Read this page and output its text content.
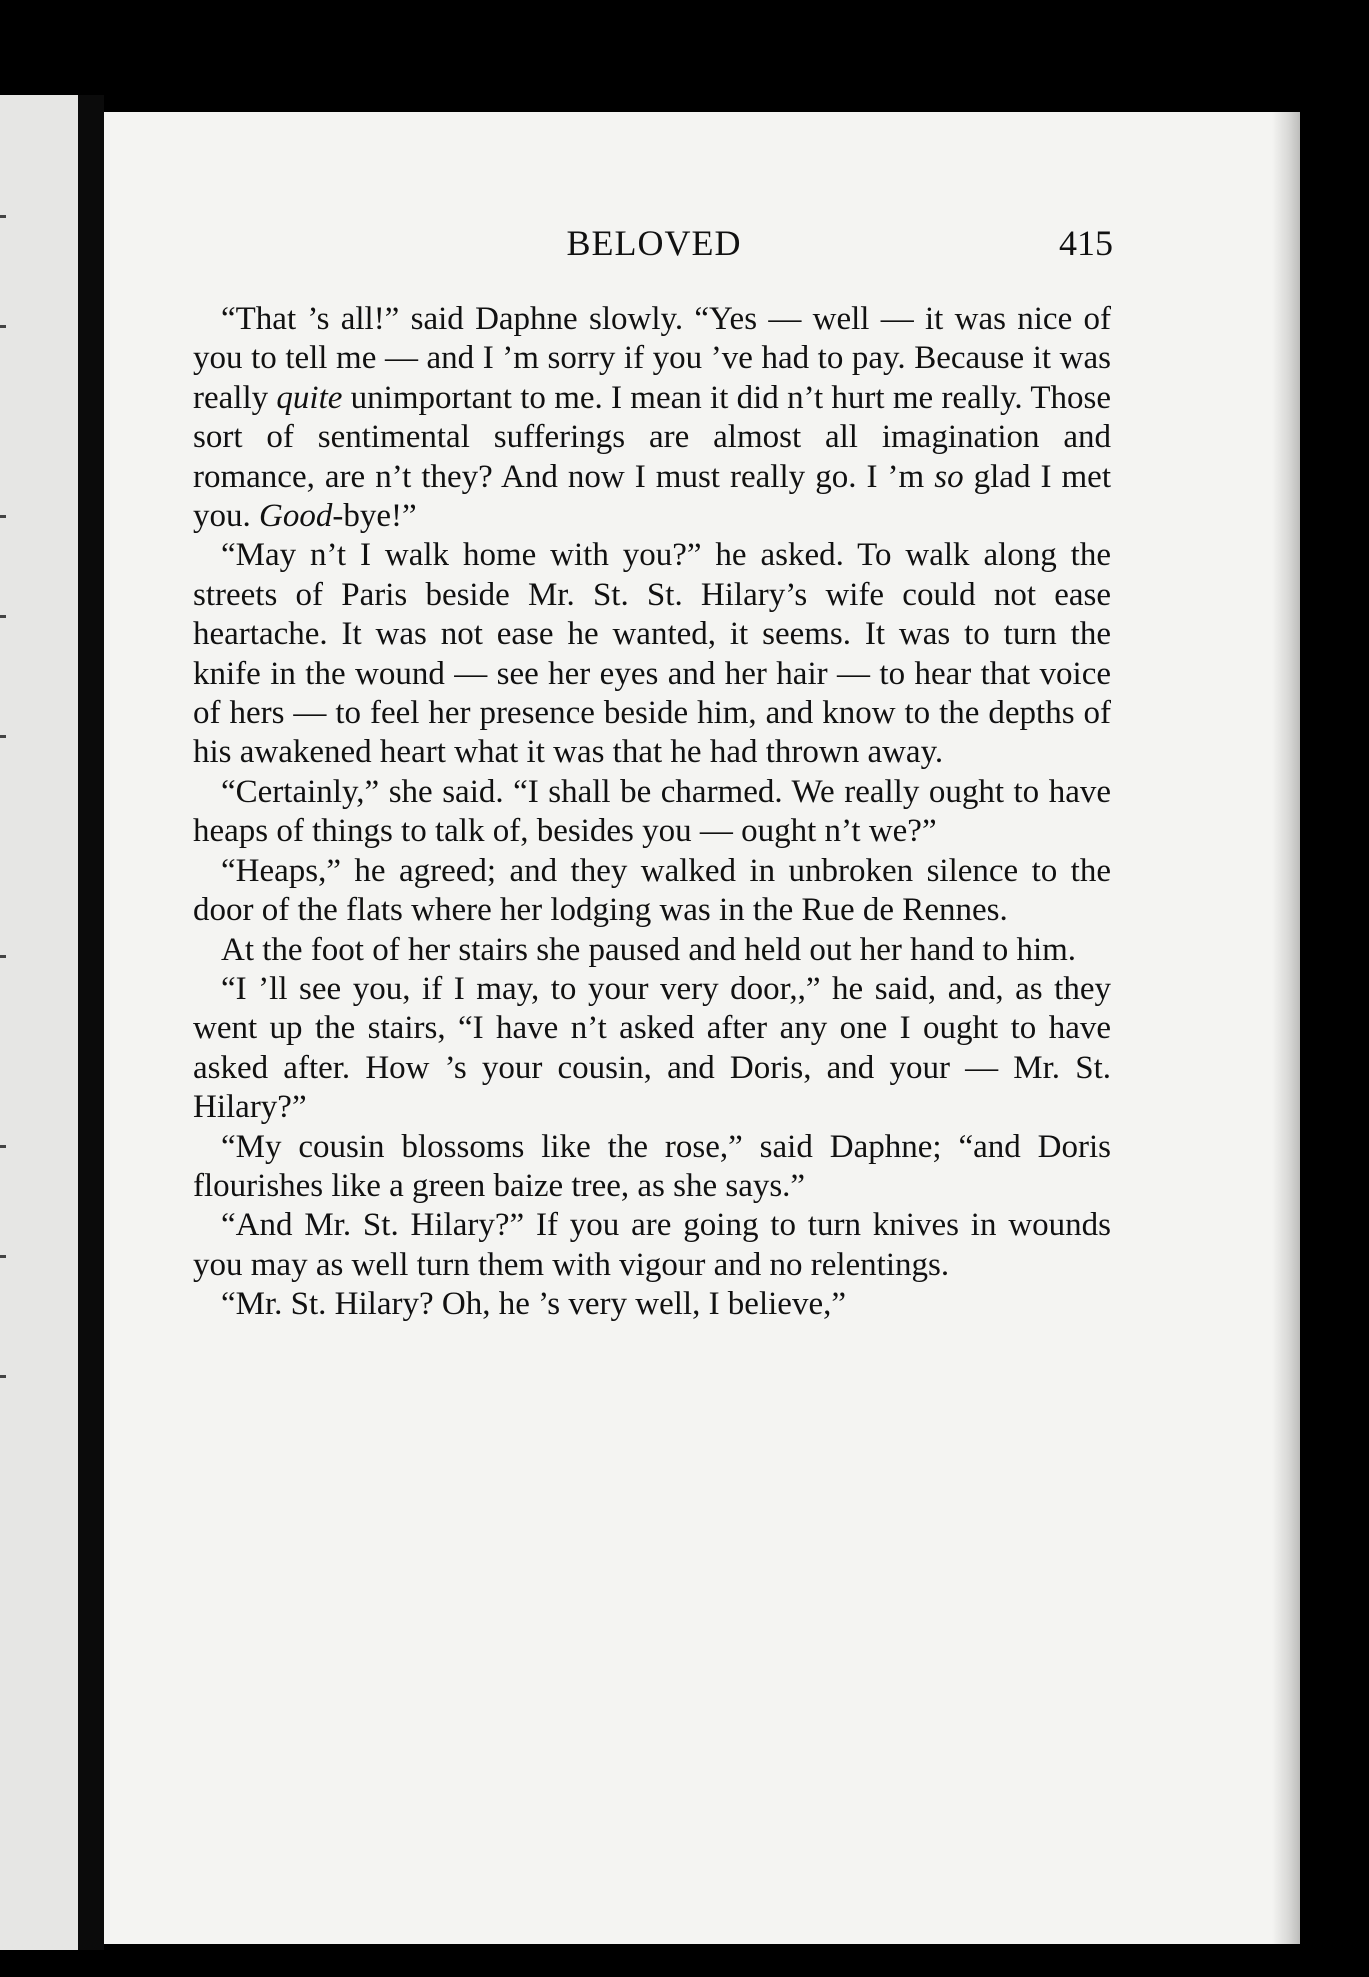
BELOVED	415

“That ’s all!” said Daphne slowly. “Yes — well — it was nice of you to tell me — and I ’m sorry if you ’ve had to pay. Because it was really quite unimportant to me. I mean it did n’t hurt me really. Those sort of sentimental sufferings are almost all imagination and romance, are n’t they? And now I must really go. I ’m so glad I met you. Good-bye!”

“May n’t I walk home with you?” he asked. To walk along the streets of Paris beside Mr. St. St. Hilary’s wife could not ease heartache. It was not ease he wanted, it seems. It was to turn the knife in the wound — see her eyes and her hair — to hear that voice of hers — to feel her presence beside him, and know to the depths of his awakened heart what it was that he had thrown away.

“Certainly,” she said. “I shall be charmed. We really ought to have heaps of things to talk of, besides you — ought n’t we?”

“Heaps,” he agreed; and they walked in unbroken silence to the door of the flats where her lodging was in the Rue de Rennes.

At the foot of her stairs she paused and held out her hand to him.

“I ’ll see you, if I may, to your very door,,” he said, and, as they went up the stairs, “I have n’t asked after any one I ought to have asked after. How ’s your cousin, and Doris, and your — Mr. St. Hilary?”

“My cousin blossoms like the rose,” said Daphne; “and Doris flourishes like a green baize tree, as she says.”

“And Mr. St. Hilary?” If you are going to turn knives in wounds you may as well turn them with vigour and no relentings.

“Mr. St. Hilary? Oh, he ’s very well, I believe,”
